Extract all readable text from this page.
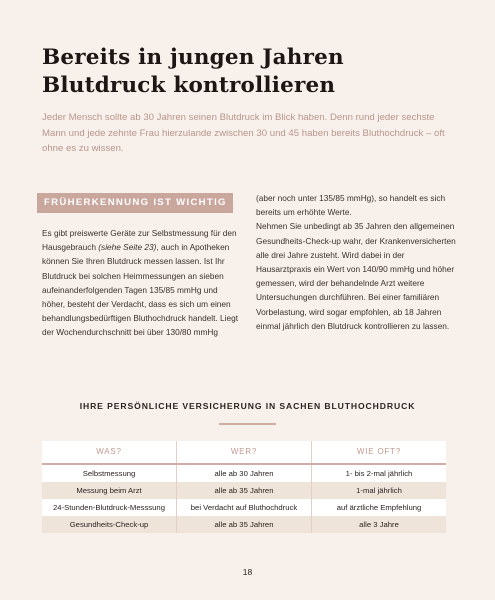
Bereits in jungen Jahren Blutdruck kontrollieren
Jeder Mensch sollte ab 30 Jahren seinen Blutdruck im Blick haben. Denn rund jeder sechste Mann und jede zehnte Frau hierzulande zwischen 30 und 45 haben bereits Bluthochdruck – oft ohne es zu wissen.
FRÜHERKENNUNG IST WICHTIG

Es gibt preiswerte Geräte zur Selbstmessung für den Hausgebrauch (siehe Seite 23), auch in Apotheken können Sie Ihren Blutdruck messen lassen. Ist Ihr Blutdruck bei solchen Heimmessungen an sieben aufeinanderfolgenden Tagen 135/85 mmHg und höher, besteht der Verdacht, dass es sich um einen behandlungsbedürftigen Bluthochdruck handelt. Liegt der Wochendurchschnitt bei über 130/80 mmHg

(aber noch unter 135/85 mmHg), so handelt es sich bereits um erhöhte Werte.

Nehmen Sie unbedingt ab 35 Jahren den allgemeinen Gesundheits-Check-up wahr, der Krankenversicherten alle drei Jahre zusteht. Wird dabei in der Hausarztpraxis ein Wert von 140/90 mmHg und höher gemessen, wird der behandelnde Arzt weitere Untersuchungen durchführen. Bei einer familiären Vorbelastung, wird sogar empfohlen, ab 18 Jahren einmal jährlich den Blutdruck kontrollieren zu lassen.

IHRE PERSÖNLICHE VERSICHERUNG IN SACHEN BLUTHOCHDRUCK
WAS?	WER?	WIE OFT?
Selbstmessung	alle ab 30 Jahren	1- bis 2-mal jährlich
Messung beim Arzt	alle ab 35 Jahren	1-mal jährlich
24-Stunden-Blutdruck-Messsung	bei Verdacht auf Bluthochdruck	auf ärztliche Empfehlung
Gesundheits-Check-up	alle ab 35 Jahren	alle 3 Jahre
18
